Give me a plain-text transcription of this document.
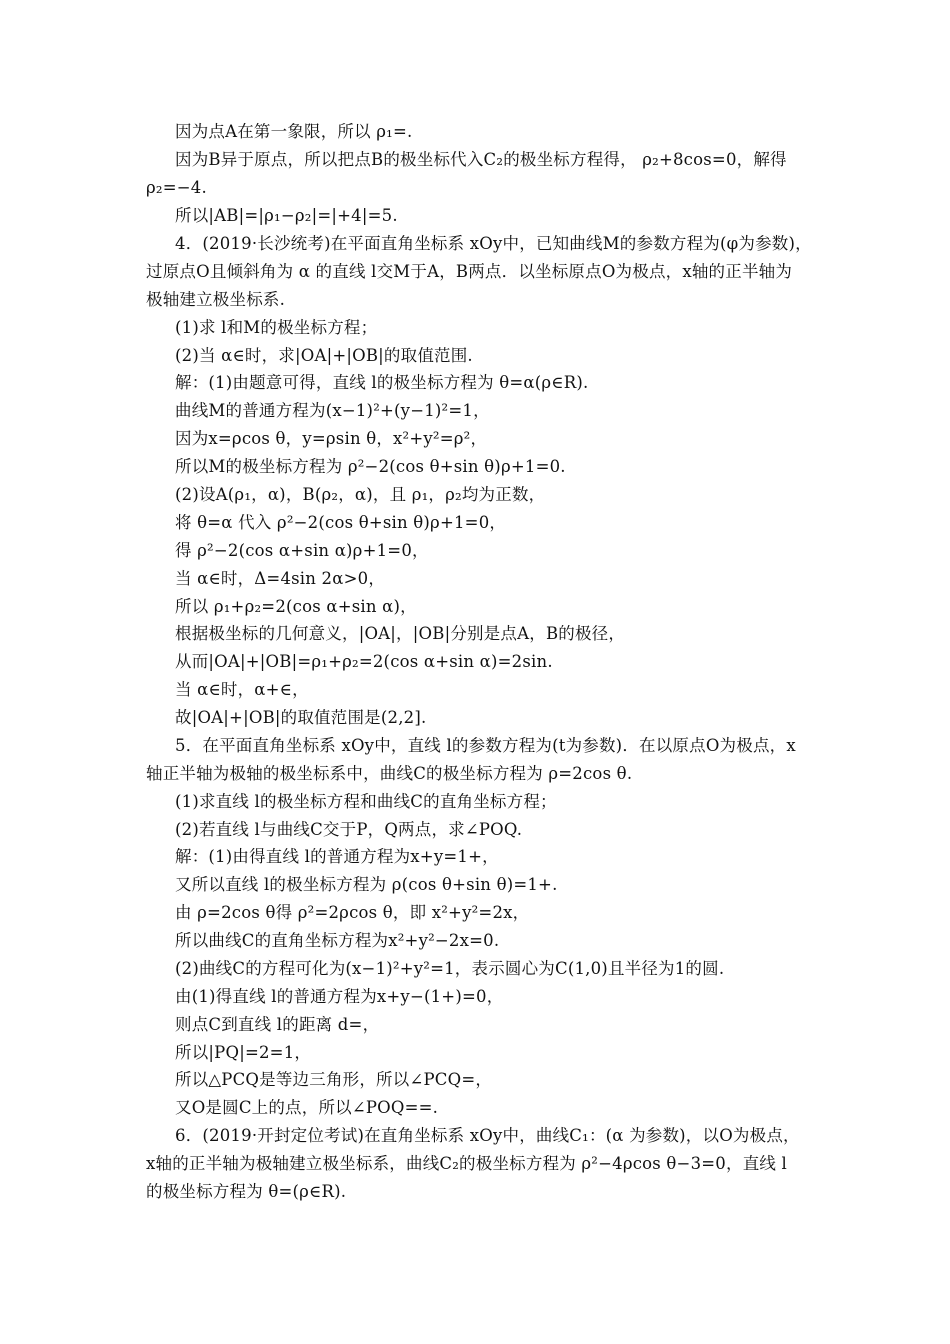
因为点A在第一象限，所以 ρ₁=.
因为B异于原点，所以把点B的极坐标代入C₂的极坐标方程得， ρ₂+8cos=0，解得
ρ₂=−4.
所以|AB|=|ρ₁−ρ₂|=|+4|=5.
4．(2019·长沙统考)在平面直角坐标系 xOy中，已知曲线M的参数方程为(φ为参数)，
过原点O且倾斜角为 α 的直线 l交M于A，B两点．以坐标原点O为极点，x轴的正半轴为
极轴建立极坐标系.
(1)求 l和M的极坐标方程；
(2)当 α∈时，求|OA|+|OB|的取值范围.
解：(1)由题意可得，直线 l的极坐标方程为 θ=α(ρ∈R).
曲线M的普通方程为(x−1)²+(y−1)²=1，
因为x=ρcos θ，y=ρsin θ，x²+y²=ρ²，
所以M的极坐标方程为 ρ²−2(cos θ+sin θ)ρ+1=0.
(2)设A(ρ₁，α)，B(ρ₂，α)，且 ρ₁，ρ₂均为正数，
将 θ=α 代入 ρ²−2(cos θ+sin θ)ρ+1=0，
得 ρ²−2(cos α+sin α)ρ+1=0，
当 α∈时，Δ=4sin 2α>0，
所以 ρ₁+ρ₂=2(cos α+sin α)，
根据极坐标的几何意义，|OA|，|OB|分别是点A，B的极径，
从而|OA|+|OB|=ρ₁+ρ₂=2(cos α+sin α)=2sin.
当 α∈时，α+∈，
故|OA|+|OB|的取值范围是(2,2].
5．在平面直角坐标系 xOy中，直线 l的参数方程为(t为参数)．在以原点O为极点，x
轴正半轴为极轴的极坐标系中，曲线C的极坐标方程为 ρ=2cos θ.
(1)求直线 l的极坐标方程和曲线C的直角坐标方程；
(2)若直线 l与曲线C交于P，Q两点，求∠POQ.
解：(1)由得直线 l的普通方程为x+y=1+，
又所以直线 l的极坐标方程为 ρ(cos θ+sin θ)=1+.
由 ρ=2cos θ得 ρ²=2ρcos θ，即 x²+y²=2x，
所以曲线C的直角坐标方程为x²+y²−2x=0.
(2)曲线C的方程可化为(x−1)²+y²=1，表示圆心为C(1,0)且半径为1的圆.
由(1)得直线 l的普通方程为x+y−(1+)=0，
则点C到直线 l的距离 d=，
所以|PQ|=2=1，
所以△PCQ是等边三角形，所以∠PCQ=，
又O是圆C上的点，所以∠POQ==.
6．(2019·开封定位考试)在直角坐标系 xOy中，曲线C₁：(α 为参数)，以O为极点，
x轴的正半轴为极轴建立极坐标系，曲线C₂的极坐标方程为 ρ²−4ρcos θ−3=0，直线 l
的极坐标方程为 θ=(ρ∈R).
